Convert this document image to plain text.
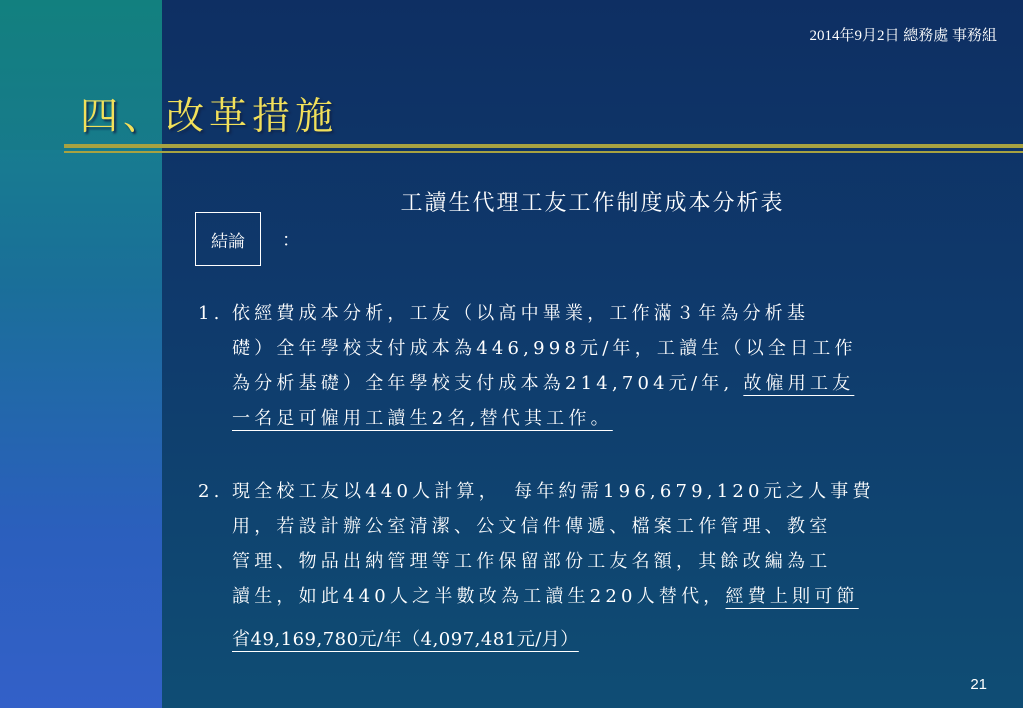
2014年9月2日 總務處 事務組
四、改革措施
工讀生代理工友工作制度成本分析表
結論 ：
1. 依經費成本分析，工友（以高中畢業，工作滿３年為分析基
礎）全年學校支付成本為446,998元/年，工讀生（以全日工作
為分析基礎）全年學校支付成本為214,704元/年, 故僱用工友
一名足可僱用工讀生2名,替代其工作。
2. 現全校工友以440人計算，　每年約需196,679,120元之人事費
用，若設計辦公室清潔、公文信件傳遞、檔案工作管理、教室
管理、物品出納管理等工作保留部份工友名額，其餘改編為工
讀生，如此440人之半數改為工讀生220人替代，經費上則可節
省49,169,780元/年（4,097,481元/月）
21
